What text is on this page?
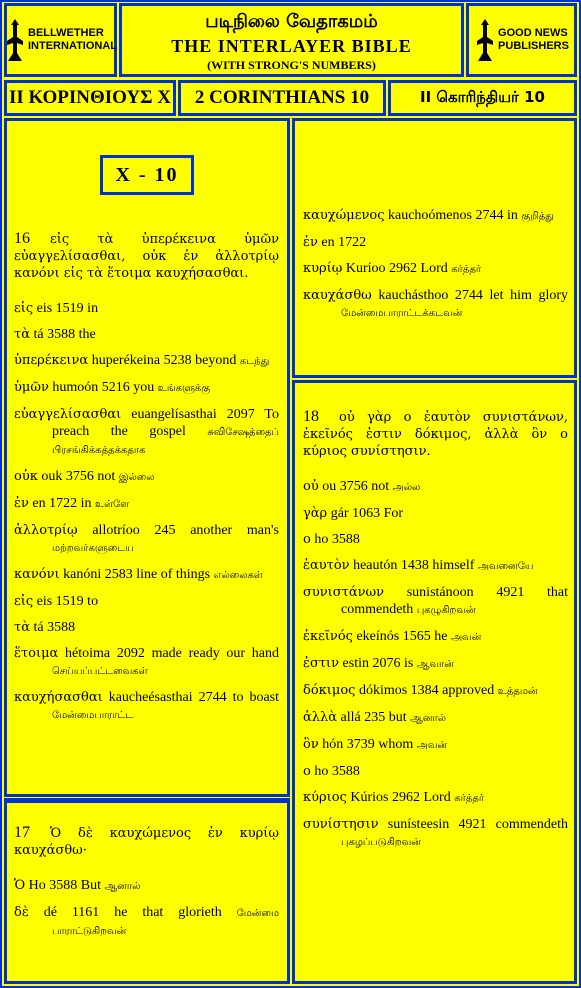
BELLWETHER
INTERNATIONAL
படிநிலை வேதாகமம்
THE INTERLAYER BIBLE
(WITH STRONG'S NUMBERS)
GOOD NEWS
PUBLISHERS
II ΚΟΡΙΝΘΙΟΥΣ X 2 CORINTHIANS 10	II கொரிந்தியர் 10
X - 10

16 εἰς τὰ ὑπερέκεινα ὑμῶν εὐαγγελίσασθαι, οὐκ ἐν ἀλλοτρίῳ κανόνι εἰς τὰ ἕτοιμα καυχήσασθαι.

εἰς eis 1519 in
τὰ tá 3588 the
ὑπερέκεινα huperékeina 5238 beyond கடந்து
ὑμῶν humoón 5216 you உங்களுக்கு
εὐαγγελίσασθαι euangelísasthai 2097 To preach the gospel சுவிசேஷத்தைப் பிரசங்கிக்கத்தக்கதாக
οὐκ ouk 3756 not இல்லை
ἐν en 1722 in உள்ளே
ἀλλοτρίῳ allotríoo 245 another man's மற்றவர்களுடைய
κανόνι kanóni 2583 line of things எல்லைகள்
εἰς eis 1519 to
τὰ tá 3588
ἕτοιμα hétoima 2092 made ready our hand செய்யப்பட்டவைகள்
καυχήσασθαι kaucheésasthai 2744 to boast மேன்மைபாராட்ட

17 Ὁ δὲ καυχώμενος ἐν κυρίῳ καυχάσθω·

Ὁ Ho 3588 But ஆனால்
δὲ dé 1161 he that glorieth மேன்மை பாராட்டுகிறவன்
καυχώμενος kauchoómenos 2744 in குறித்து
ἐν en 1722
κυρίῳ Kuríoo 2962 Lord கர்த்தர்
καυχάσθω kauchásthoo 2744 let him glory மேன்மைபாராட்டக்கடவன்

18 οὐ γὰρ ο ἑαυτὸν συνιστάνων, ἐκεῖνός ἐστιν δόκιμος, ἀλλὰ ὃν ο κύριος συνίστησιν.

οὐ ou 3756 not அல்ல
γὰρ gár 1063 For
ο ho 3588
ἑαυτὸν heautón 1438 himself அவனையே
συνιστάνων sunistánoon 4921 that commendeth புகழுகிறவன்
ἐκεῖνός ekeínós 1565 he அவன்
ἐστιν estin 2076 is ஆவான்
δόκιμος dókimos 1384 approved உத்தமன்
ἀλλὰ allá 235 but ஆனால்
ὃν hón 3739 whom அவன்
ο ho 3588
κύριος Kúrios 2962 Lord கர்த்தர்
συνίστησιν sunísteesin 4921 commendeth புகழப்படுகிறவன்
